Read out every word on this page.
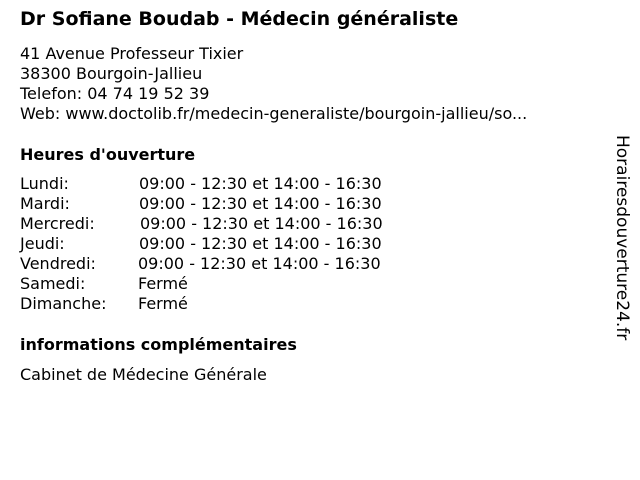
Dr Sofiane Boudab - Médecin généraliste
41 Avenue Professeur Tixier
38300 Bourgoin-Jallieu
Telefon: 04 74 19 52 39
Web: www.doctolib.fr/medecin-generaliste/bourgoin-jallieu/so...
Heures d'ouverture
Lundi:	09:00 - 12:30 et 14:00 - 16:30
Mardi:	09:00 - 12:30 et 14:00 - 16:30
Mercredi:	09:00 - 12:30 et 14:00 - 16:30
Jeudi:	09:00 - 12:30 et 14:00 - 16:30
Vendredi:	09:00 - 12:30 et 14:00 - 16:30
Samedi:	Fermé
Dimanche: Fermé
informations complémentaires
Cabinet de Médecine Générale
Horairesdouverture24.fr
